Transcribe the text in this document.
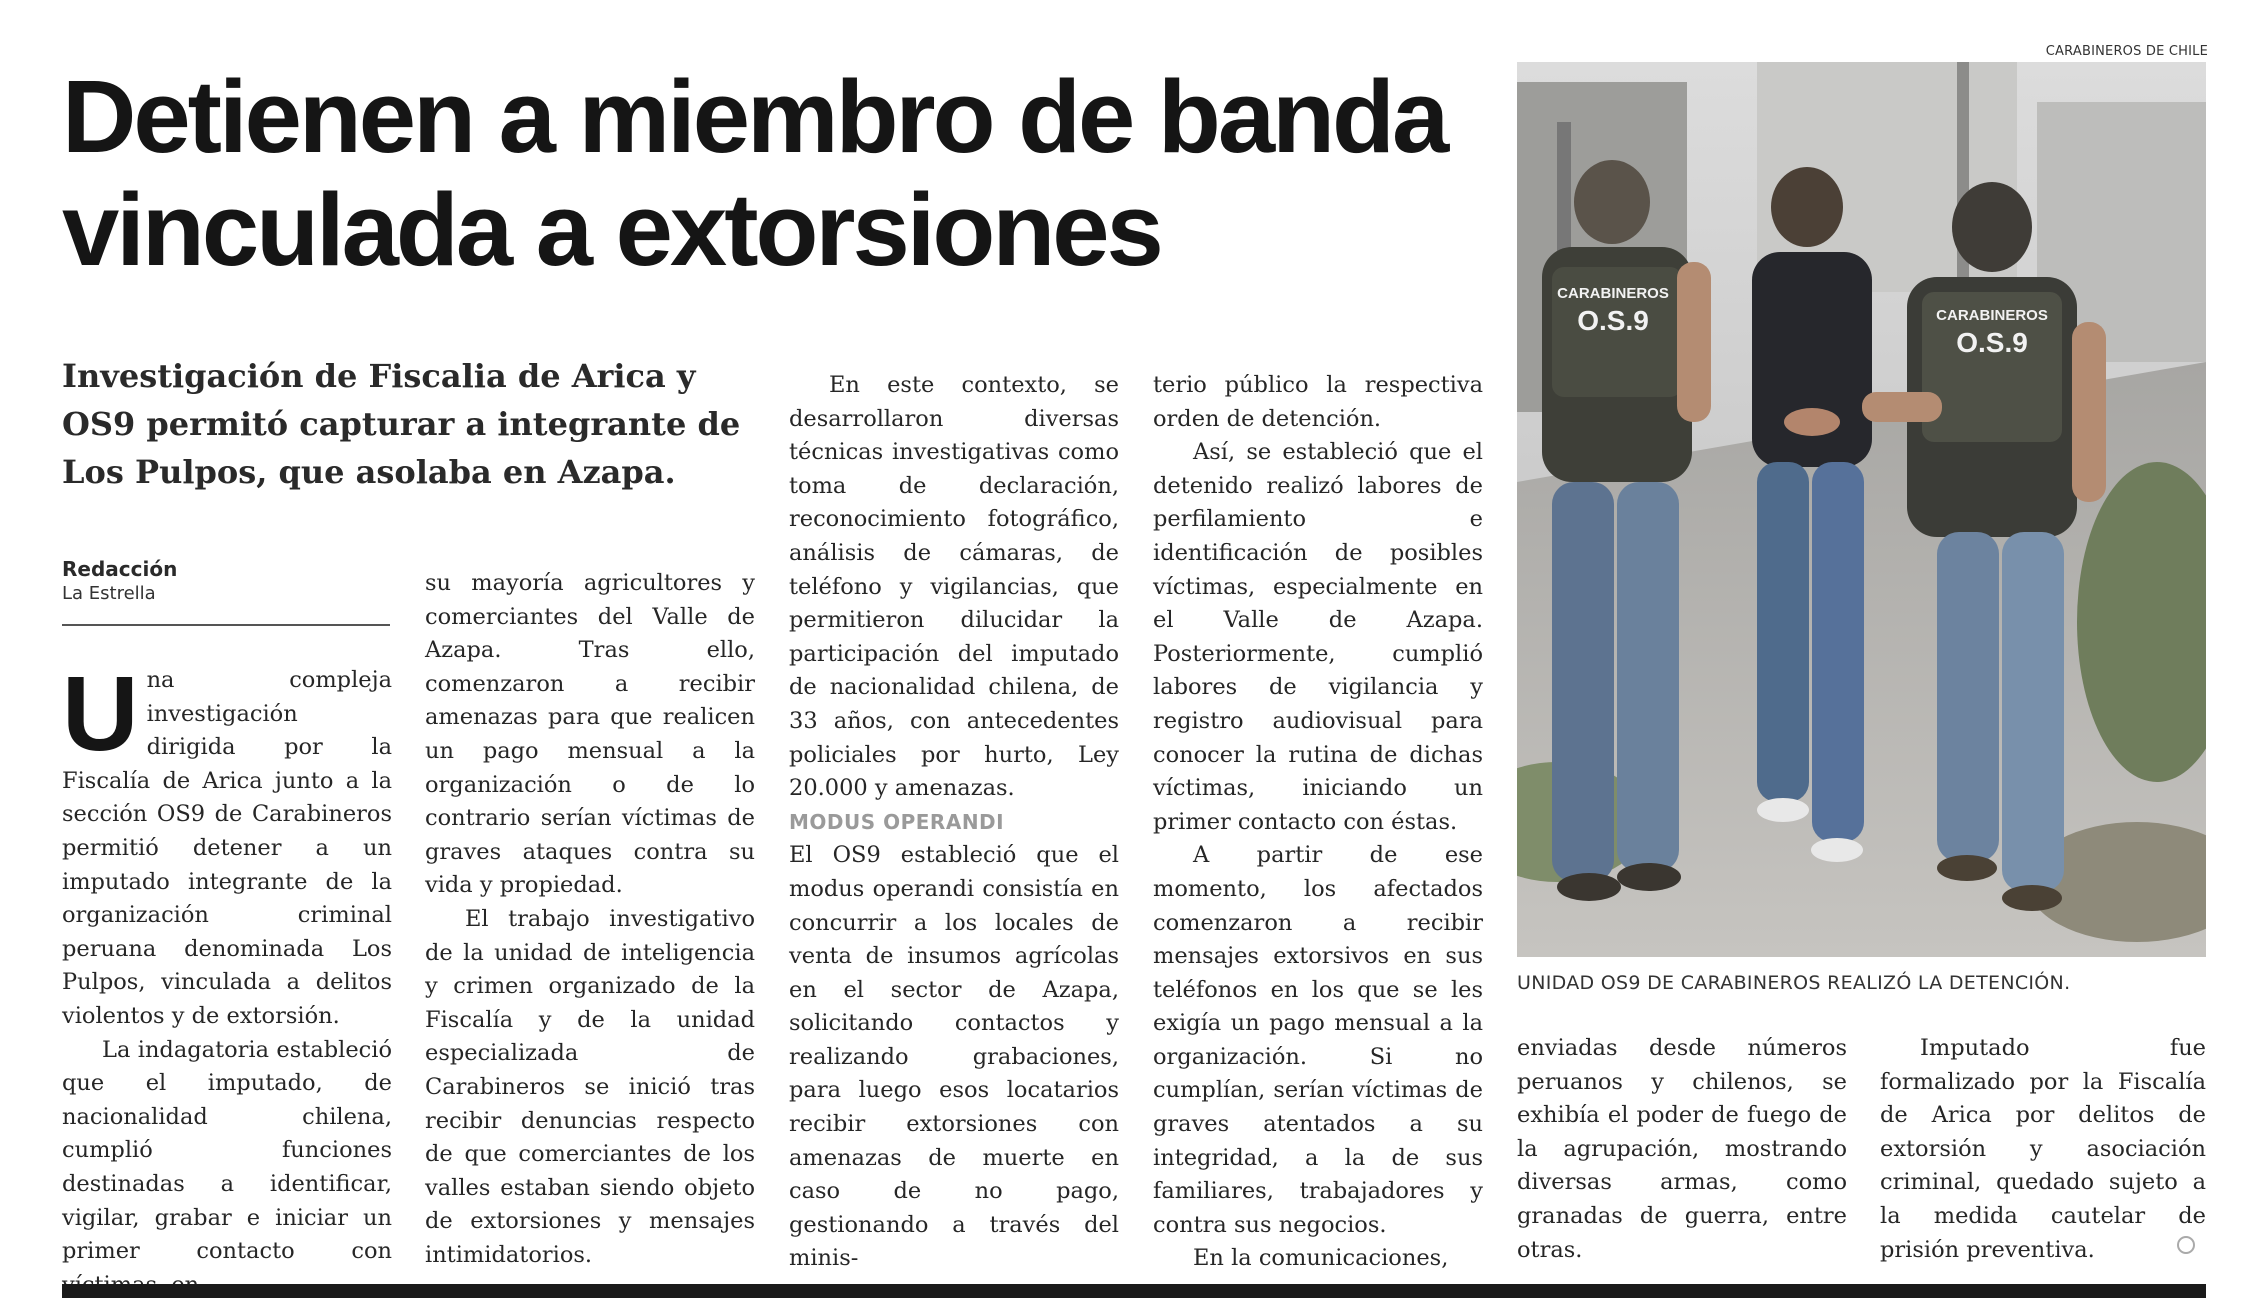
Detienen a miembro de banda vinculada a extorsiones
Investigación de Fiscalia de Arica y OS9 permitó capturar a integrante de Los Pulpos, que asolaba en Azapa.
Redacción
La Estrella

Una compleja investigación dirigida por la Fiscalía de Arica junto a la sección OS9 de Carabineros permitió detener a un imputado integrante de la organización criminal peruana denominada Los Pulpos, vinculada a delitos violentos y de extorsión.

La indagatoria estableció que el imputado, de nacionalidad chilena, cumplió funciones destinadas a identificar, vigilar, grabar e iniciar un primer contacto con

su mayoría agricultores y comerciantes del Valle de Azapa. Tras ello, comenzaron a recibir amenazas para que realicen un pago mensual a la organización o de lo contrario serían víctimas de graves ataques contra su vida y propiedad.

El trabajo investigativo de la unidad de inteligencia y crimen organizado de la Fiscalía y de la unidad especializada de Carabineros se inició tras recibir denuncias respecto de que comerciantes de los valles estaban siendo objeto de extorsiones y mensajes intimidatorios.

En este contexto, se desarrollaron diversas técnicas investigativas como toma de declaración, reconocimiento fotográfico, análisis de cámaras, de teléfono y vigilancias, que permitieron dilucidar la participación del imputado de nacionalidad chilena, de 33 años, con antecedentes policiales por hurto, Ley 20.000 y amenazas.

MODUS OPERANDI

El OS9 estableció que el modus operandi consistía en concurrir a los locales de venta de insumos agrícolas en el sector de Azapa, solicitando contactos y realizando grabaciones, para luego esos locatarios recibir extorsiones con amenazas de muerte en caso de no pago, gestionando a través del minis-

terio público la respectiva orden de detención.

Así, se estableció que el detenido realizó labores de perfilamiento e identificación de posibles víctimas, especialmente en el Valle de Azapa. Posteriormente, cumplió labores de vigilancia y registro audiovisual para conocer la rutina de dichas víctimas, iniciando un primer contacto con éstas.

A partir de ese momento, los afectados comenzaron a recibir mensajes extorsivos en sus teléfonos en los que se les exigía un pago mensual a la organización. Si no cumplían, serían víctimas de graves atentados a su integridad, a la de sus familiares, trabajadores y contra sus negocios.

En la comunicaciones,

enviadas desde números peruanos y chilenos, se exhibía el poder de fuego de la agrupación, mostrando diversas armas, como granadas de guerra, entre otras.

Imputado fue formalizado por la Fiscalía de Arica por delitos de extorsión y asociación criminal, quedado sujeto a la medida cautelar de prisión preventiva.

CARABINEROS DE CHILE
CARABINEROS
O.S.9	CARABINEROS
O.S.9
UNIDAD OS9 DE CARABINEROS REALIZÓ LA DETENCIÓN.
